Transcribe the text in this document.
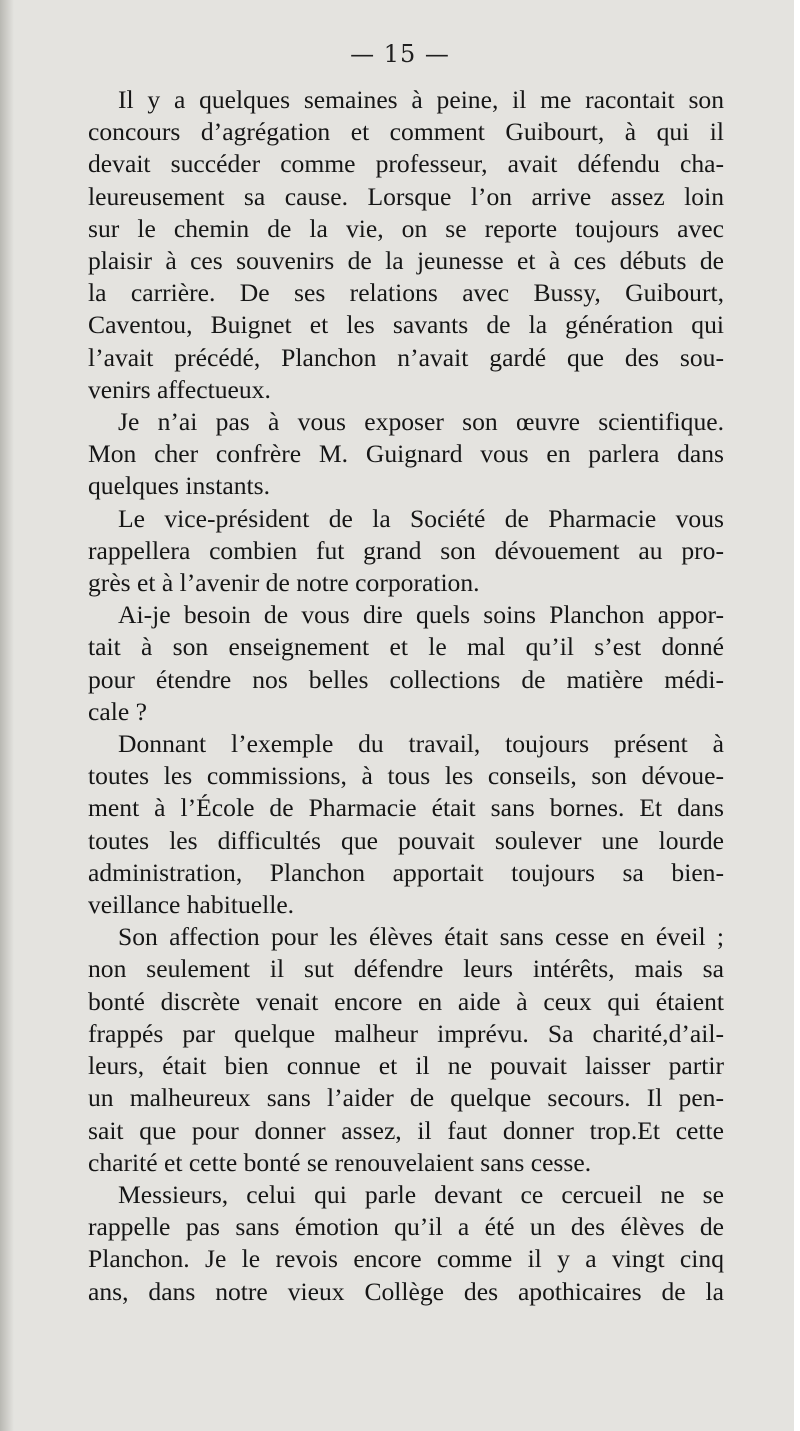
— 15 —

Il y a quelques semaines à peine, il me racontait son
concours d’agrégation et comment Guibourt, à qui il
devait succéder comme professeur, avait défendu cha-
leureusement sa cause. Lorsque l’on arrive assez loin
sur le chemin de la vie, on se reporte toujours avec
plaisir à ces souvenirs de la jeunesse et à ces débuts de
la carrière. De ses relations avec Bussy, Guibourt,
Caventou, Buignet et les savants de la génération qui
l’avait précédé, Planchon n’avait gardé que des sou-
venirs affectueux.

Je n’ai pas à vous exposer son œuvre scientifique.
Mon cher confrère M. Guignard vous en parlera dans
quelques instants.

Le vice-président de la Société de Pharmacie vous
rappellera combien fut grand son dévouement au pro-
grès et à l’avenir de notre corporation.

Ai-je besoin de vous dire quels soins Planchon appor-
tait à son enseignement et le mal qu’il s’est donné
pour étendre nos belles collections de matière médi-
cale ?

Donnant l’exemple du travail, toujours présent à
toutes les commissions, à tous les conseils, son dévoue-
ment à l’École de Pharmacie était sans bornes. Et dans
toutes les difficultés que pouvait soulever une lourde
administration, Planchon apportait toujours sa bien-
veillance habituelle.

Son affection pour les élèves était sans cesse en éveil ;
non seulement il sut défendre leurs intérêts, mais sa
bonté discrète venait encore en aide à ceux qui étaient
frappés par quelque malheur imprévu. Sa charité,d’ail-
leurs, était bien connue et il ne pouvait laisser partir
un malheureux sans l’aider de quelque secours. Il pen-
sait que pour donner assez, il faut donner trop.Et cette
charité et cette bonté se renouvelaient sans cesse.

Messieurs, celui qui parle devant ce cercueil ne se
rappelle pas sans émotion qu’il a été un des élèves de
Planchon. Je le revois encore comme il y a vingt cinq
ans, dans notre vieux Collège des apothicaires de la
